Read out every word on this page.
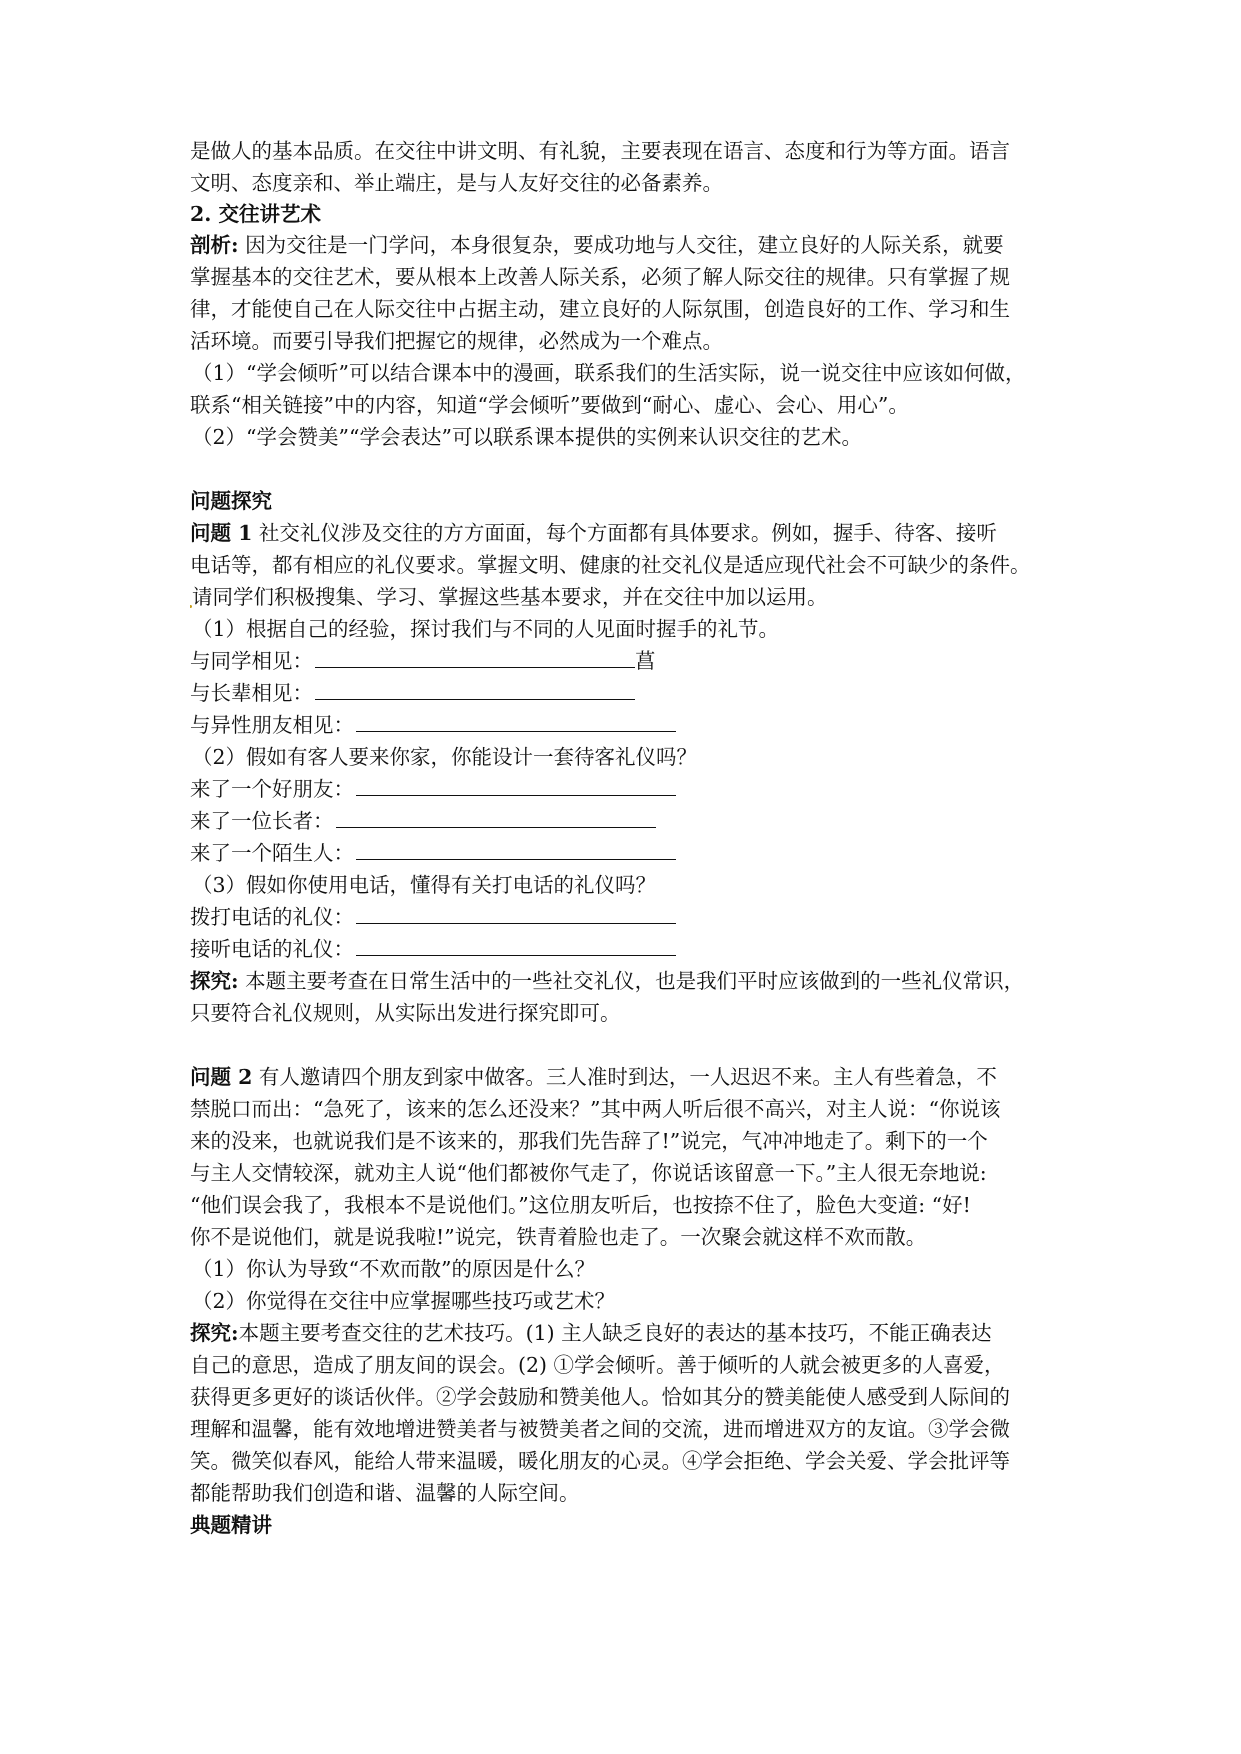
是做人的基本品质。在交往中讲文明、有礼貌，主要表现在语言、态度和行为等方面。语言
文明、态度亲和、举止端庄，是与人友好交往的必备素养。
2. 交往讲艺术
剖析: 因为交往是一门学问，本身很复杂，要成功地与人交往，建立良好的人际关系，就要
掌握基本的交往艺术，要从根本上改善人际关系，必须了解人际交往的规律。只有掌握了规
律，才能使自己在人际交往中占据主动，建立良好的人际氛围，创造良好的工作、学习和生
活环境。而要引导我们把握它的规律，必然成为一个难点。
（1）“学会倾听”可以结合课本中的漫画，联系我们的生活实际，说一说交往中应该如何做，
联系“相关链接”中的内容，知道“学会倾听”要做到“耐心、虚心、会心、用心”。
（2）“学会赞美”“学会表达”可以联系课本提供的实例来认识交往的艺术。
问题探究
问题 1 社交礼仪涉及交往的方方面面，每个方面都有具体要求。例如，握手、待客、接听
电话等，都有相应的礼仪要求。掌握文明、健康的社交礼仪是适应现代社会不可缺少的条件。
请同学们积极搜集、学习、掌握这些基本要求，并在交往中加以运用。
（1）根据自己的经验，探讨我们与不同的人见面时握手的礼节。
与同学相见：	菖
与长辈相见：
与异性朋友相见：
（2）假如有客人要来你家，你能设计一套待客礼仪吗？
来了一个好朋友：
来了一位长者：
来了一个陌生人：
（3）假如你使用电话，懂得有关打电话的礼仪吗？
拨打电话的礼仪：
接听电话的礼仪：
探究: 本题主要考查在日常生活中的一些社交礼仪，也是我们平时应该做到的一些礼仪常识，
只要符合礼仪规则，从实际出发进行探究即可。
问题 2 有人邀请四个朋友到家中做客。三人准时到达，一人迟迟不来。主人有些着急，不
禁脱口而出：“急死了，该来的怎么还没来？”其中两人听后很不高兴，对主人说：“你说该
来的没来，也就说我们是不该来的，那我们先告辞了!”说完，气冲冲地走了。剩下的一个
与主人交情较深，就劝主人说“他们都被你气走了，你说话该留意一下。”主人很无奈地说:
“他们误会我了，我根本不是说他们。”这位朋友听后，也按捺不住了，脸色大变道: “好!
你不是说他们，就是说我啦!”说完，铁青着脸也走了。一次聚会就这样不欢而散。
（1）你认为导致“不欢而散”的原因是什么？
（2）你觉得在交往中应掌握哪些技巧或艺术？
探究:本题主要考查交往的艺术技巧。(1) 主人缺乏良好的表达的基本技巧，不能正确表达
自己的意思，造成了朋友间的误会。(2) ①学会倾听。善于倾听的人就会被更多的人喜爱，
获得更多更好的谈话伙伴。②学会鼓励和赞美他人。恰如其分的赞美能使人感受到人际间的
理解和温馨，能有效地增进赞美者与被赞美者之间的交流，进而增进双方的友谊。③学会微
笑。微笑似春风，能给人带来温暖，暖化朋友的心灵。④学会拒绝、学会关爱、学会批评等
都能帮助我们创造和谐、温馨的人际空间。
典题精讲
